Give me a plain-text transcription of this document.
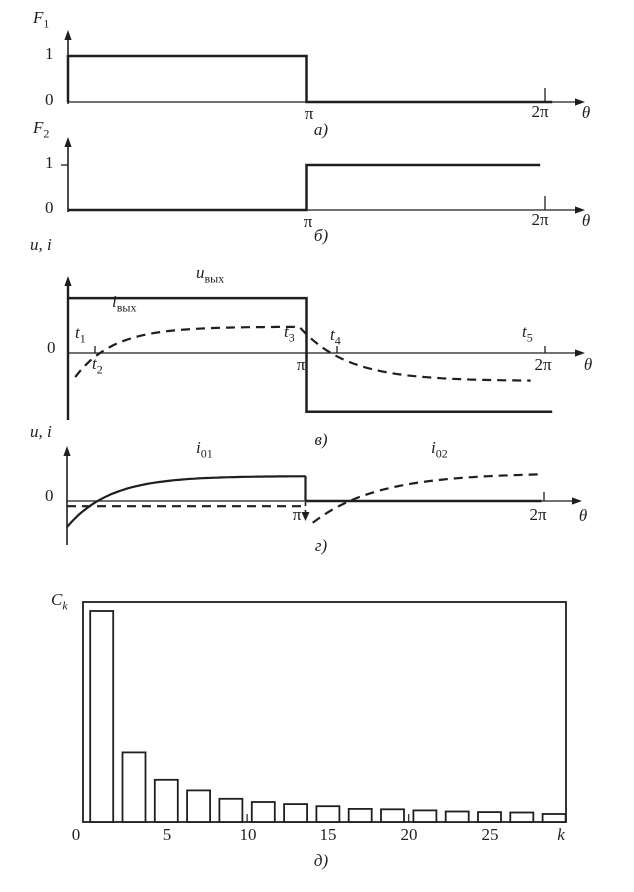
$F_1$
1
0
π	2π θ
а)
$F_2$
1
0
π	2π θ
б)
u, i
$u_{вых}$
$i_{вых}$
0
$t_1$
$t_2$
$t_3$ $t_4$	$t_5$
π	2π θ
в)
u, i
$i_{01}$	$i_{02}$
0
π	2π θ
г)
$C_k$
0	5	10	15	20	25	k
д)
